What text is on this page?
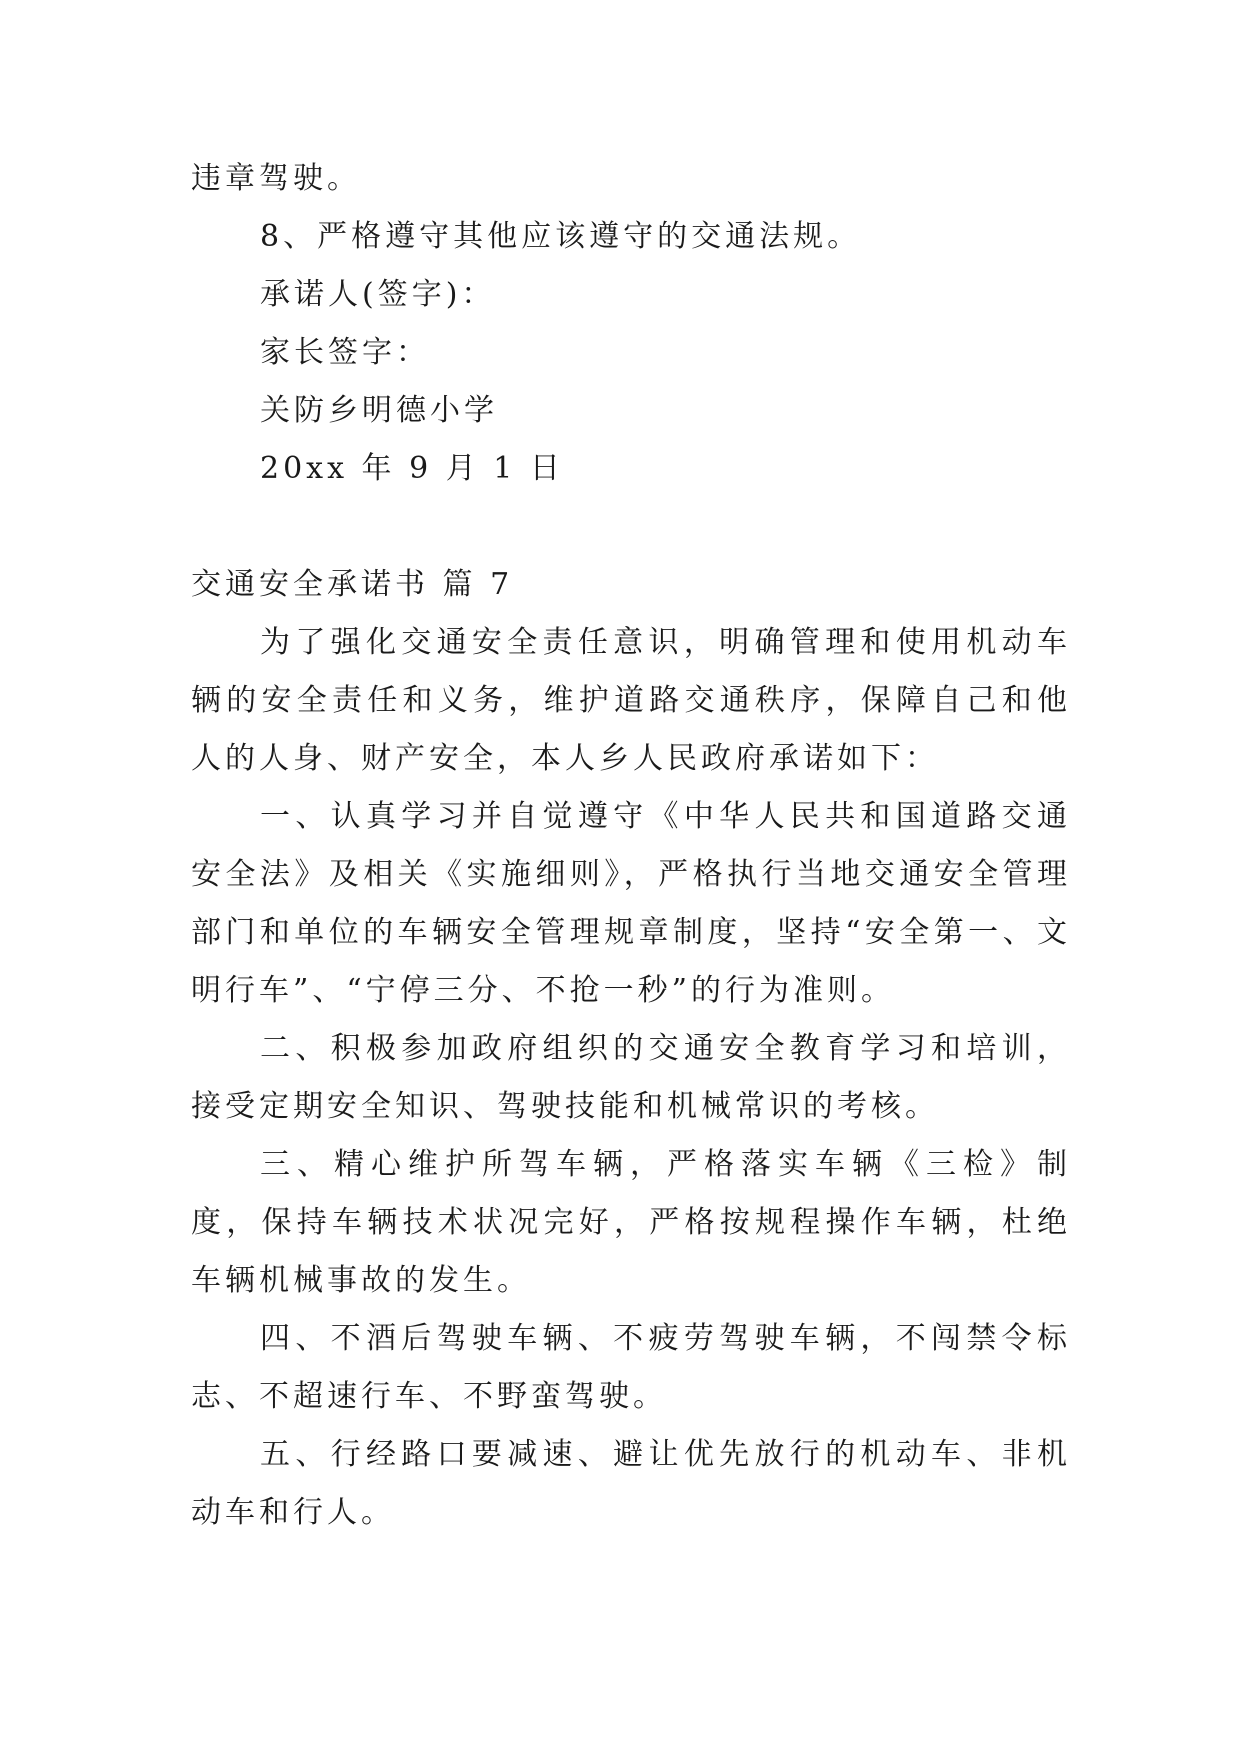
违章驾驶。

8、严格遵守其他应该遵守的交通法规。

承诺人(签字)：

家长签字：

关防乡明德小学

20xx 年 9 月 1 日

交通安全承诺书 篇 7

为了强化交通安全责任意识，明确管理和使用机动车辆的安全责任和义务，维护道路交通秩序，保障自己和他人的人身、财产安全，本人乡人民政府承诺如下：

一、认真学习并自觉遵守《中华人民共和国道路交通安全法》及相关《实施细则》，严格执行当地交通安全管理部门和单位的车辆安全管理规章制度，坚持“安全第一、文明行车”、“宁停三分、不抢一秒”的行为准则。

二、积极参加政府组织的交通安全教育学习和培训，接受定期安全知识、驾驶技能和机械常识的考核。

三、精心维护所驾车辆，严格落实车辆《三检》制度，保持车辆技术状况完好，严格按规程操作车辆，杜绝车辆机械事故的发生。

四、不酒后驾驶车辆、不疲劳驾驶车辆，不闯禁令标志、不超速行车、不野蛮驾驶。

五、行经路口要减速、避让优先放行的机动车、非机动车和行人。
